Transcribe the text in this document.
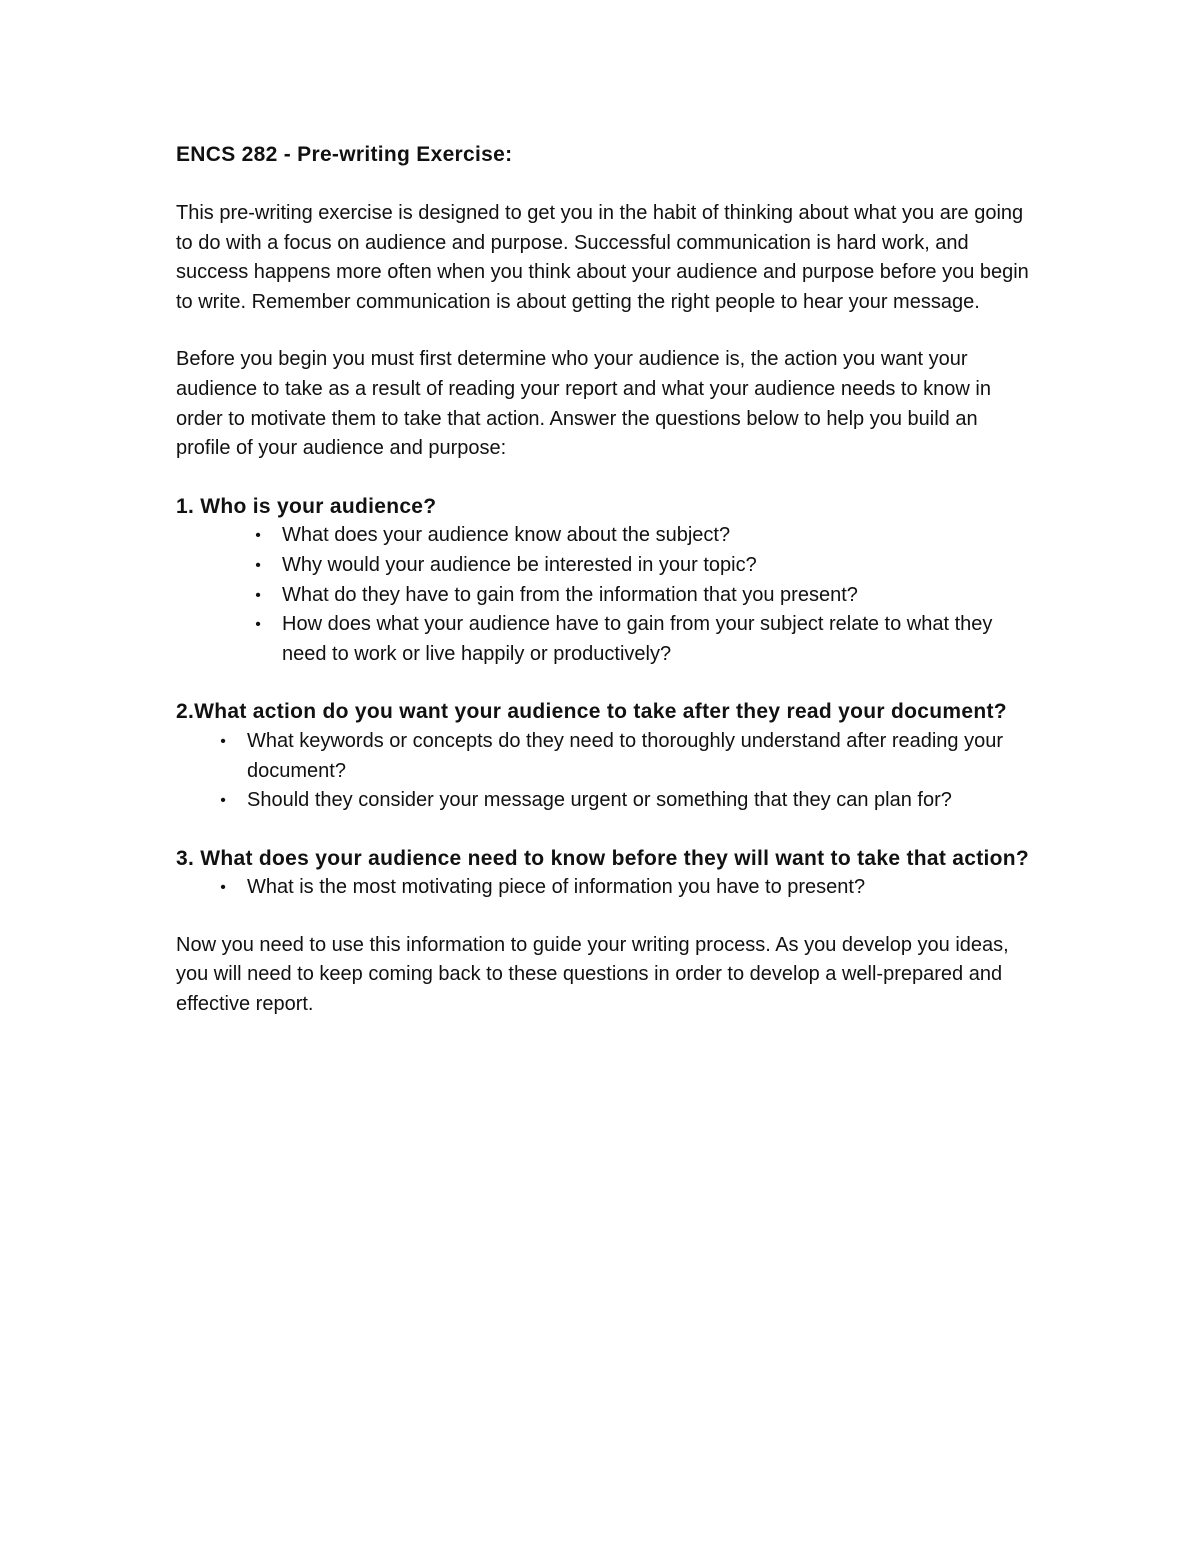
ENCS 282 - Pre-writing Exercise:

This pre-writing exercise is designed to get you in the habit of thinking about what you are going to do with a focus on audience and purpose. Successful communication is hard work, and success happens more often when you think about your audience and purpose before you begin to write. Remember communication is about getting the right people to hear your message.

Before you begin you must first determine who your audience is, the action you want your audience to take as a result of reading your report and what your audience needs to know in order to motivate them to take that action. Answer the questions below to help you build an profile of your audience and purpose:

1. Who is your audience?
•	What does your audience know about the subject?
•	Why would your audience be interested in your topic?
•	What do they have to gain from the information that you present?
•	How does what your audience have to gain from your subject relate to what they need to work or live happily or productively?
2.What action do you want your audience to take after they read your document?
•	What keywords or concepts do they need to thoroughly understand after reading your document?
•	Should they consider your message urgent or something that they can plan for?
3. What does your audience need to know before they will want to take that action?
•	What is the most motivating piece of information you have to present?

Now you need to use this information to guide your writing process. As you develop you ideas, you will need to keep coming back to these questions in order to develop a well-prepared and effective report.
